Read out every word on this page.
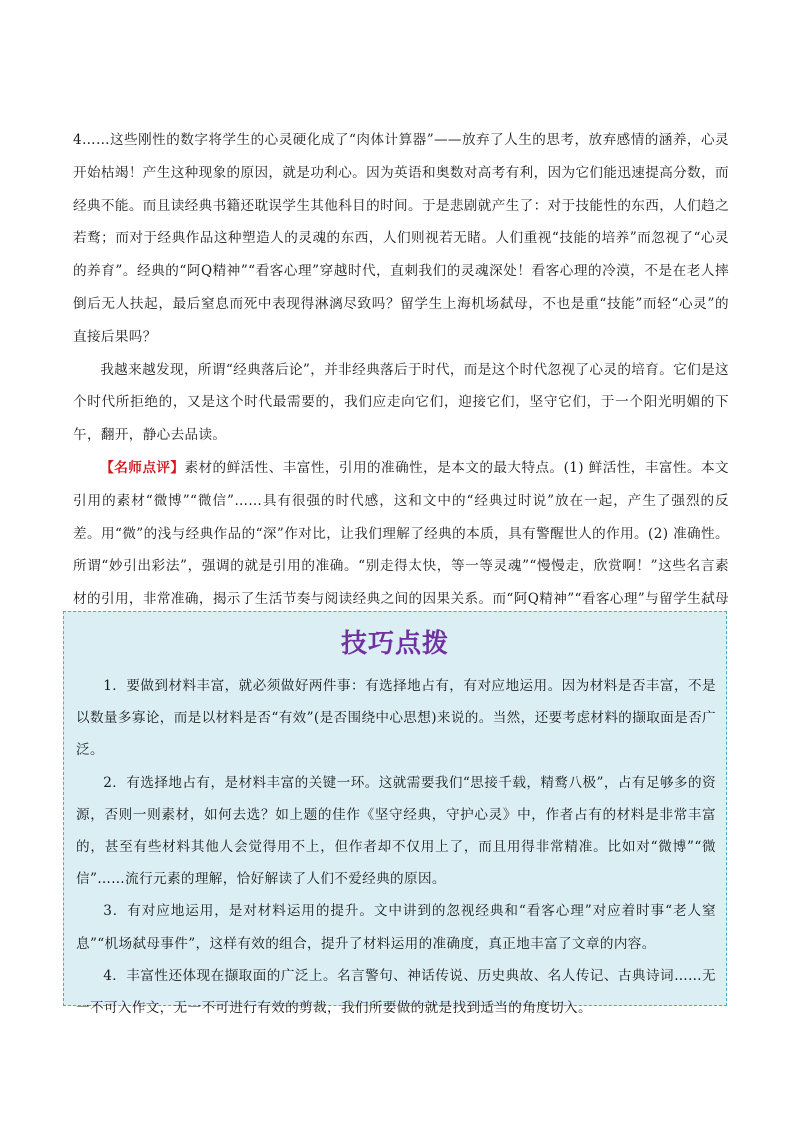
4……这些刚性的数字将学生的心灵硬化成了“肉体计算器”——放弃了人生的思考，放弃感情的涵养，心灵开始枯竭！产生这种现象的原因，就是功利心。因为英语和奥数对高考有利，因为它们能迅速提高分数，而经典不能。而且读经典书籍还耽误学生其他科目的时间。于是悲剧就产生了：对于技能性的东西，人们趋之若鹜；而对于经典作品这种塑造人的灵魂的东西，人们则视若无睹。人们重视“技能的培养”而忽视了“心灵的养育”。经典的“阿Q精神”“看客心理”穿越时代，直刺我们的灵魂深处！看客心理的冷漠，不是在老人摔倒后无人扶起，最后窒息而死中表现得淋漓尽致吗？留学生上海机场弑母，不也是重“技能”而轻“心灵”的直接后果吗？

我越来越发现，所谓“经典落后论”，并非经典落后于时代，而是这个时代忽视了心灵的培育。它们是这个时代所拒绝的，又是这个时代最需要的，我们应走向它们，迎接它们，坚守它们，于一个阳光明媚的下午，翻开，静心去品读。

【名师点评】素材的鲜活性、丰富性，引用的准确性，是本文的最大特点。(1) 鲜活性，丰富性。本文引用的素材“微博”“微信”……具有很强的时代感，这和文中的“经典过时说”放在一起，产生了强烈的反差。用“微”的浅与经典作品的“深”作对比，让我们理解了经典的本质，具有警醒世人的作用。(2) 准确性。所谓“妙引出彩法”，强调的就是引用的准确。“别走得太快，等一等灵魂”“慢慢走，欣赏啊！”这些名言素材的引用，非常准确，揭示了生活节奏与阅读经典之间的因果关系。而“阿Q精神”“看客心理”与留学生弑母

技巧点拨

1．要做到材料丰富，就必须做好两件事：有选择地占有，有对应地运用。因为材料是否丰富，不是以数量多寡论，而是以材料是否“有效”(是否围绕中心思想)来说的。当然，还要考虑材料的撷取面是否广泛。

2．有选择地占有，是材料丰富的关键一环。这就需要我们“思接千载，精鹜八极”，占有足够多的资源，否则一则素材，如何去选？如上题的佳作《坚守经典，守护心灵》中，作者占有的材料是非常丰富的，甚至有些材料其他人会觉得用不上，但作者却不仅用上了，而且用得非常精准。比如对“微博”“微信”……流行元素的理解，恰好解读了人们不爱经典的原因。

3．有对应地运用，是对材料运用的提升。文中讲到的忽视经典和“看客心理”对应着时事“老人窒息”“机场弑母事件”，这样有效的组合，提升了材料运用的准确度，真正地丰富了文章的内容。

4．丰富性还体现在撷取面的广泛上。名言警句、神话传说、历史典故、名人传记、古典诗词……无一不可入作文，无一不可进行有效的剪裁，我们所要做的就是找到适当的角度切入。
